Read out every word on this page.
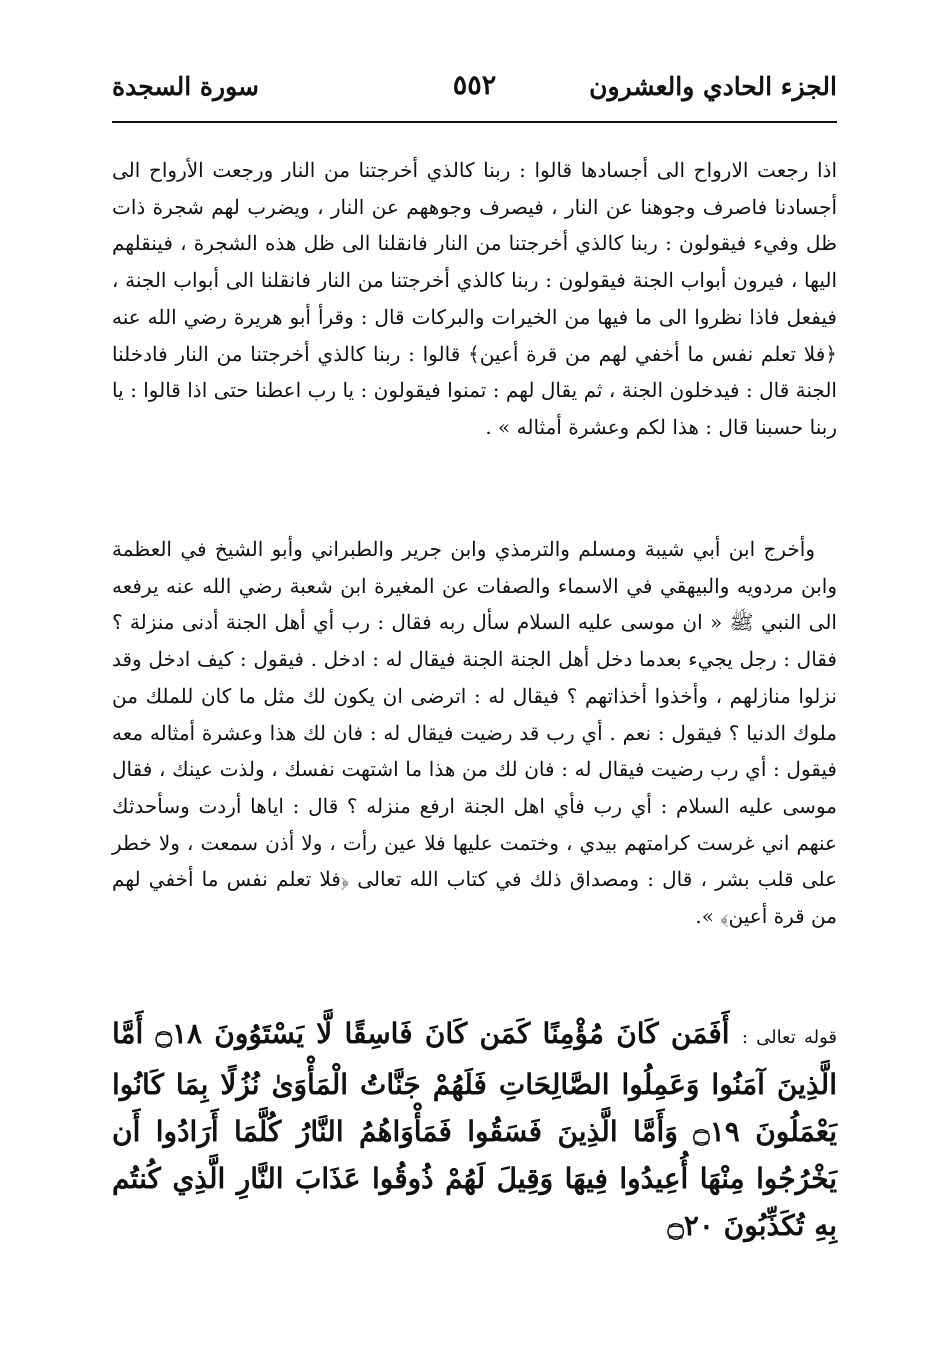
الجزء الحادي والعشرون
٥٥٢
سورة السجدة

اذا رجعت الارواح الى أجسادها قالوا : ربنا كالذي أخرجتنا من النار ورجعت الأرواح الى أجسادنا فاصرف وجوهنا عن النار ، فيصرف وجوههم عن النار ، ويضرب لهم شجرة ذات ظل وفيء فيقولون : ربنا كالذي أخرجتنا من النار فانقلنا الى ظل هذه الشجرة ، فينقلهم اليها ، فيرون أبواب الجنة فيقولون : ربنا كالذي أخرجتنا من النار فانقلنا الى أبواب الجنة ، فيفعل فاذا نظروا الى ما فيها من الخيرات والبركات قال : وقرأ أبو هريرة رضي الله عنه ﴿فلا تعلم نفس ما أخفي لهم من قرة أعين﴾ قالوا : ربنا كالذي أخرجتنا من النار فادخلنا الجنة قال : فيدخلون الجنة ، ثم يقال لهم : تمنوا فيقولون : يا رب اعطنا حتى اذا قالوا : يا ربنا حسبنا قال : هذا لكم وعشرة أمثاله » .

وأخرج ابن أبي شيبة ومسلم والترمذي وابن جرير والطبراني وأبو الشيخ في العظمة وابن مردويه والبيهقي في الاسماء والصفات عن المغيرة ابن شعبة رضي الله عنه يرفعه الى النبي ﷺ « ان موسى عليه السلام سأل ربه فقال : رب أي أهل الجنة أدنى منزلة ؟ فقال : رجل يجيء بعدما دخل أهل الجنة الجنة فيقال له : ادخل . فيقول : كيف ادخل وقد نزلوا منازلهم ، وأخذوا أخذاتهم ؟ فيقال له : اترضى ان يكون لك مثل ما كان للملك من ملوك الدنيا ؟ فيقول : نعم . أي رب قد رضيت فيقال له : فان لك هذا وعشرة أمثاله معه فيقول : أي رب رضيت فيقال له : فان لك من هذا ما اشتهت نفسك ، ولذت عينك ، فقال موسى عليه السلام : أي رب فأي اهل الجنة ارفع منزله ؟ قال : اياها أردت وسأحدثك عنهم اني غرست كرامتهم بيدي ، وختمت عليها فلا عين رأت ، ولا أذن سمعت ، ولا خطر على قلب بشر ، قال : ومصداق ذلك في كتاب الله تعالى ﴿فلا تعلم نفس ما أخفي لهم من قرة أعين﴾ ».

قوله تعالى : أَفَمَن كَانَ مُؤْمِنًا كَمَن كَانَ فَاسِقًا لَّا يَسْتَوُونَ ۝١٨ أَمَّا الَّذِينَ آمَنُوا وَعَمِلُوا الصَّالِحَاتِ فَلَهُمْ جَنَّاتُ الْمَأْوَىٰ نُزُلًا بِمَا كَانُوا يَعْمَلُونَ ۝١٩ وَأَمَّا الَّذِينَ فَسَقُوا فَمَأْوَاهُمُ النَّارُ كُلَّمَا أَرَادُوا أَن يَخْرُجُوا مِنْهَا أُعِيدُوا فِيهَا وَقِيلَ لَهُمْ ذُوقُوا عَذَابَ النَّارِ الَّذِي كُنتُم بِهِ تُكَذِّبُونَ ۝٢٠
